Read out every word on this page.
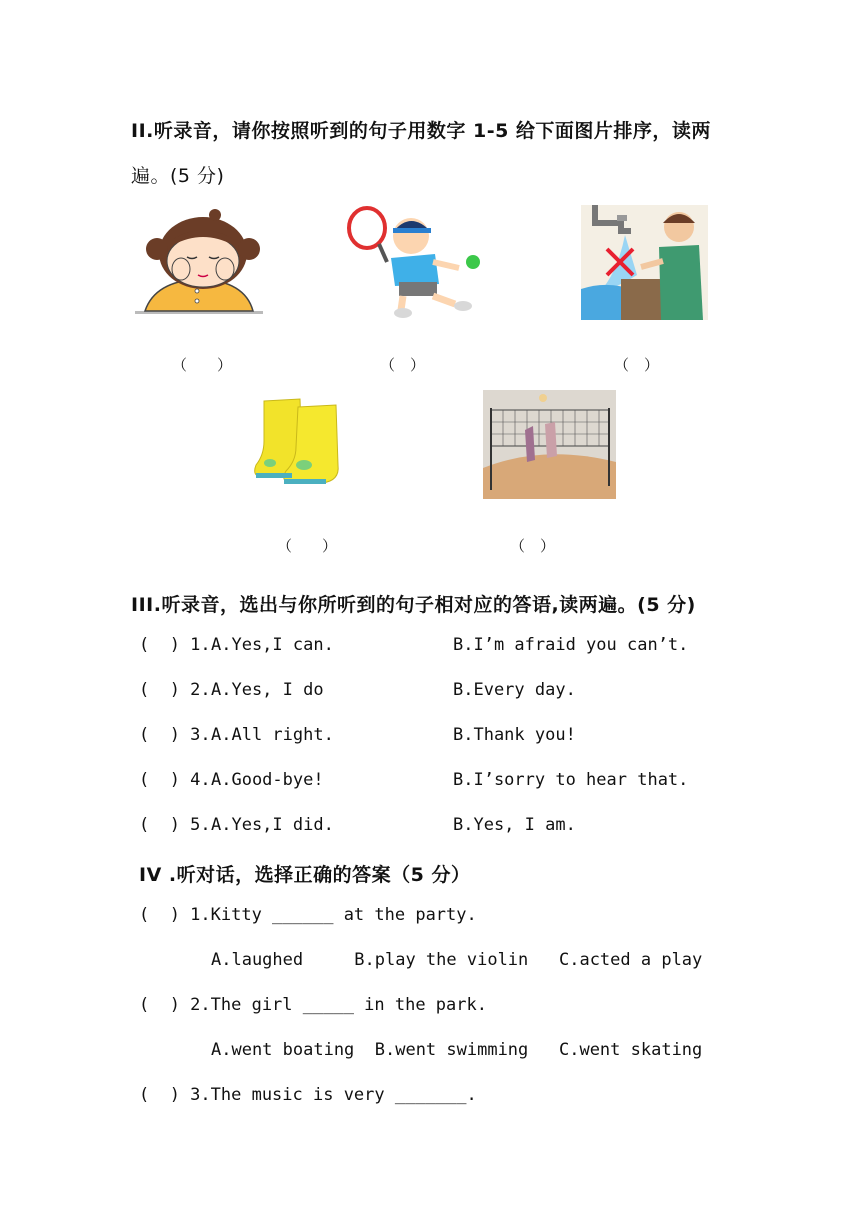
II.听录音，请你按照听到的句子用数字 1-5 给下面图片排序，读两
遍。(5 分)
（　　）	（　）	（　）
（　　）	（　）
III.听录音，选出与你所听到的句子相对应的答语,读两遍。(5 分)
(  ) 1. A.Yes,I can.	B.I’m afraid you can’t.
(  ) 2. A.Yes, I do	B.Every day.
(  ) 3. A.All right.	B.Thank you!
(  ) 4. A.Good-bye!	B.I’sorry to hear that.
(  ) 5. A.Yes,I did.	B.Yes, I am.
IV .听对话，选择正确的答案（5 分）
(  ) 1.Kitty ______ at the party.
A.laughed     B.play the violin   C.acted a play
(  ) 2.The girl _____ in the park.
A.went boating  B.went swimming   C.went skating
(  ) 3.The music is very _______.
